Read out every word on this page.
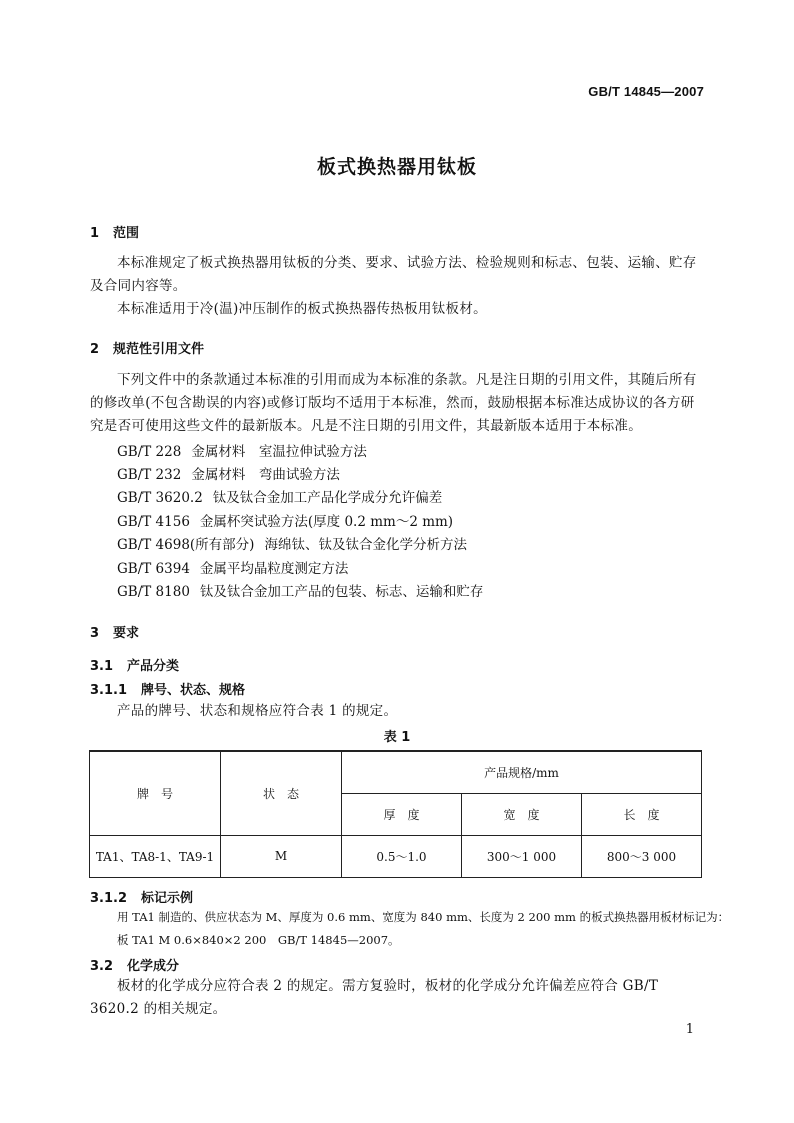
GB/T 14845—2007
板式换热器用钛板
1 范围
本标准规定了板式换热器用钛板的分类、要求、试验方法、检验规则和标志、包装、运输、贮存及合同内容等。
本标准适用于冷(温)冲压制作的板式换热器传热板用钛板材。
2 规范性引用文件
下列文件中的条款通过本标准的引用而成为本标准的条款。凡是注日期的引用文件，其随后所有的修改单(不包含勘误的内容)或修订版均不适用于本标准，然而，鼓励根据本标准达成协议的各方研究是否可使用这些文件的最新版本。凡是不注日期的引用文件，其最新版本适用于本标准。
GB/T 228 金属材料　室温拉伸试验方法
GB/T 232 金属材料　弯曲试验方法
GB/T 3620.2 钛及钛合金加工产品化学成分允许偏差
GB/T 4156 金属杯突试验方法(厚度 0.2 mm～2 mm)
GB/T 4698(所有部分) 海绵钛、钛及钛合金化学分析方法
GB/T 6394 金属平均晶粒度测定方法
GB/T 8180 钛及钛合金加工产品的包装、标志、运输和贮存
3 要求
3.1 产品分类
3.1.1 牌号、状态、规格
产品的牌号、状态和规格应符合表 1 的规定。
表 1
牌　号	状　态	产品规格/mm		
		厚　度	宽　度	长　度
TA1、TA8-1、TA9-1	M	0.5～1.0	300～1 000	800～3 000
3.1.2 标记示例
用 TA1 制造的、供应状态为 M、厚度为 0.6 mm、宽度为 840 mm、长度为 2 200 mm 的板式换热器用板材标记为：
板 TA1 M 0.6×840×2 200　GB/T 14845—2007。
3.2 化学成分
板材的化学成分应符合表 2 的规定。需方复验时，板材的化学成分允许偏差应符合 GB/T 3620.2 的相关规定。
1
